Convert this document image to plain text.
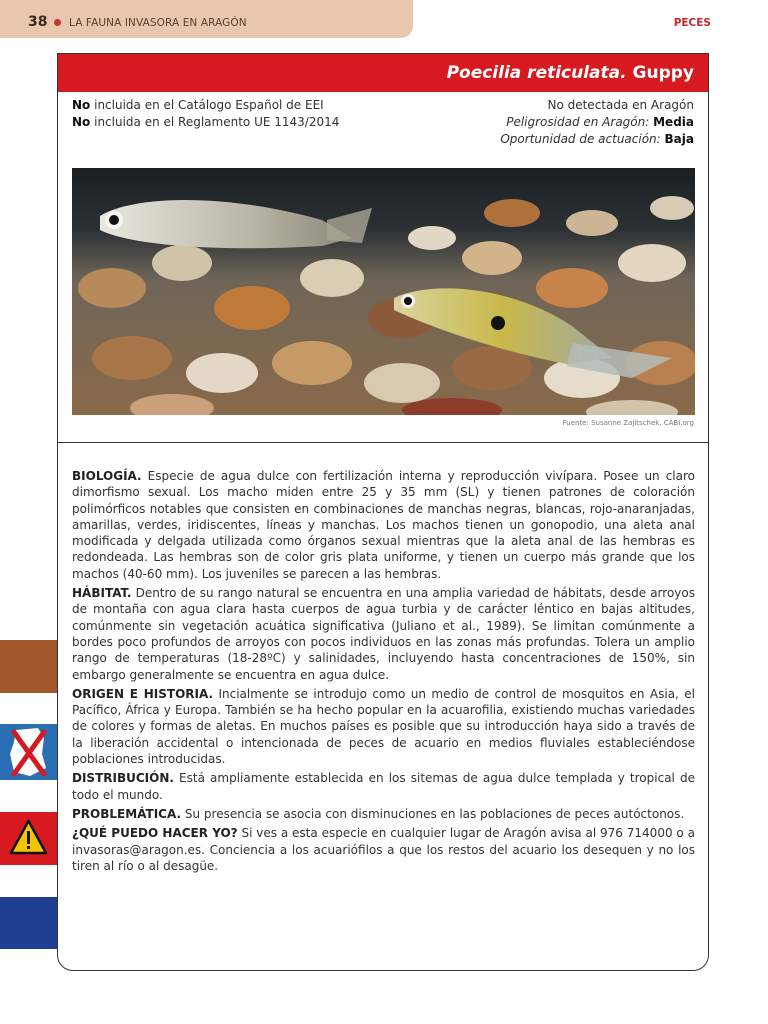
38 LA FAUNA INVASORA EN ARAGÓN	PECES
Poecilia reticulata. Guppy
No incluida en el Catálogo Español de EEI
No incluida en el Reglamento UE 1143/2014
No detectada en Aragón
Peligrosidad en Aragón: Media
Oportunidad de actuación: Baja
Fuente: Susanne Zajitschek, CABI.org

BIOLOGÍA. Especie de agua dulce con fertilización interna y reproducción vivípara. Posee un claro dimorfismo sexual. Los macho miden entre 25 y 35 mm (SL) y tienen patrones de coloración polimórficos notables que consisten en combinaciones de manchas negras, blancas, rojo-anaranjadas, amarillas, verdes, iridiscentes, líneas y manchas. Los machos tienen un gonopodio, una aleta anal modificada y delgada utilizada como órganos sexual mientras que la aleta anal de las hembras es redondeada. Las hembras son de color gris plata uniforme, y tienen un cuerpo más grande que los machos (40-60 mm). Los juveniles se parecen a las hembras.

HÁBITAT. Dentro de su rango natural se encuentra en una amplia variedad de hábitats, desde arroyos de montaña con agua clara hasta cuerpos de agua turbia y de carácter léntico en bajas altitudes, comúnmente sin vegetación acuática significativa (Juliano et al., 1989). Se limitan comúnmente a bordes poco profundos de arroyos con pocos individuos en las zonas más profundas. Tolera un amplio rango de temperaturas (18-28ºC) y salinidades, incluyendo hasta concentraciones de 150%, sin embargo generalmente se encuentra en agua dulce.

ORIGEN E HISTORIA. Incialmente se introdujo como un medio de control de mosquitos en Asia, el Pacífico, África y Europa. También se ha hecho popular en la acuarofilia, existiendo muchas variedades de colores y formas de aletas. En muchos países es posible que su introducción haya sido a través de la liberación accidental o intencionada de peces de acuario en medios fluviales estableciéndose poblaciones introducidas.

DISTRIBUCIÓN. Está ampliamente establecida en los sitemas de agua dulce templada y tropical de todo el mundo.

PROBLEMÁTICA. Su presencia se asocia con disminuciones en las poblaciones de peces autóctonos.

¿QUÉ PUEDO HACER YO? Si ves a esta especie en cualquier lugar de Aragón avisa al 976 714000 o a invasoras@aragon.es. Conciencia a los acuariófilos a que los restos del acuario los desequen y no los tiren al río o al desagüe.
